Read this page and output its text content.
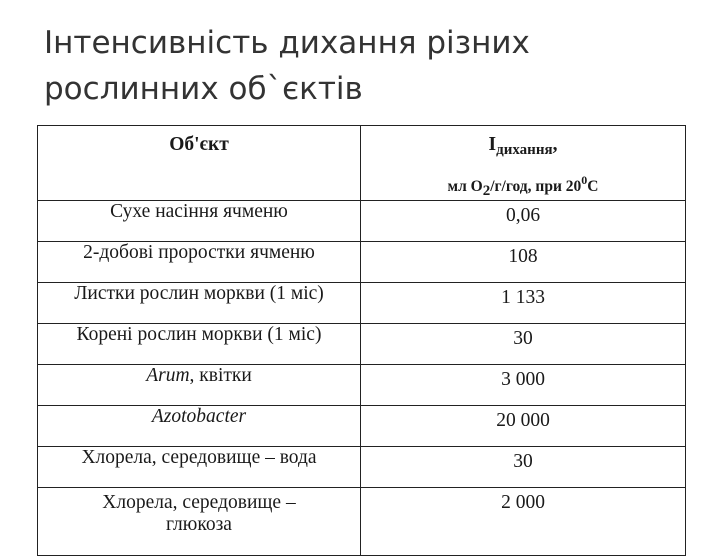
Інтенсивність дихання різних
рослинних об`єктів
Об'єкт	$I_{дихання}$,
мл О2/г/год, при $20^0С$

Сухе насіння ячменю	0,06
2-добові проростки ячменю	108
Листки рослин моркви (1 міс)	1 133
Корені рослин моркви (1 міс)	30
Arum, квітки	3 000
Azotobacter	20 000
Хлорела, середовище – вода	30
Хлорела, середовище –
глюкоза	2 000
